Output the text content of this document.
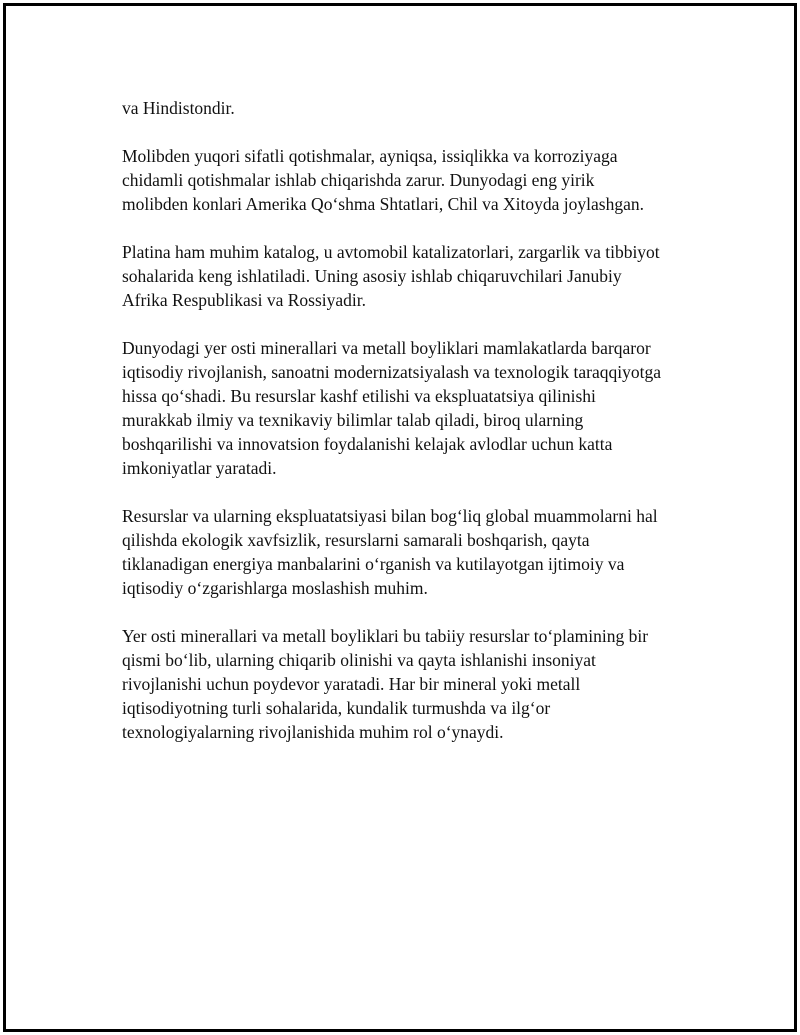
va Hindistondir.

Molibden yuqori sifatli qotishmalar, ayniqsa, issiqlikka va korroziyaga
chidamli qotishmalar ishlab chiqarishda zarur. Dunyodagi eng yirik
molibden konlari Amerika Qo‘shma Shtatlari, Chil va Xitoyda joylashgan.

Platina ham muhim katalog, u avtomobil katalizatorlari, zargarlik va tibbiyot
sohalarida keng ishlatiladi. Uning asosiy ishlab chiqaruvchilari Janubiy
Afrika Respublikasi va Rossiyadir.

Dunyodagi yer osti minerallari va metall boyliklari mamlakatlarda barqaror
iqtisodiy rivojlanish, sanoatni modernizatsiyalash va texnologik taraqqiyotga
hissa qo‘shadi. Bu resurslar kashf etilishi va ekspluatatsiya qilinishi
murakkab ilmiy va texnikaviy bilimlar talab qiladi, biroq ularning
boshqarilishi va innovatsion foydalanishi kelajak avlodlar uchun katta
imkoniyatlar yaratadi.

Resurslar va ularning ekspluatatsiyasi bilan bog‘liq global muammolarni hal
qilishda ekologik xavfsizlik, resurslarni samarali boshqarish, qayta
tiklanadigan energiya manbalarini o‘rganish va kutilayotgan ijtimoiy va
iqtisodiy o‘zgarishlarga moslashish muhim.

Yer osti minerallari va metall boyliklari bu tabiiy resurslar to‘plamining bir
qismi bo‘lib, ularning chiqarib olinishi va qayta ishlanishi insoniyat
rivojlanishi uchun poydevor yaratadi. Har bir mineral yoki metall
iqtisodiyotning turli sohalarida, kundalik turmushda va ilg‘or
texnologiyalarning rivojlanishida muhim rol o‘ynaydi.
